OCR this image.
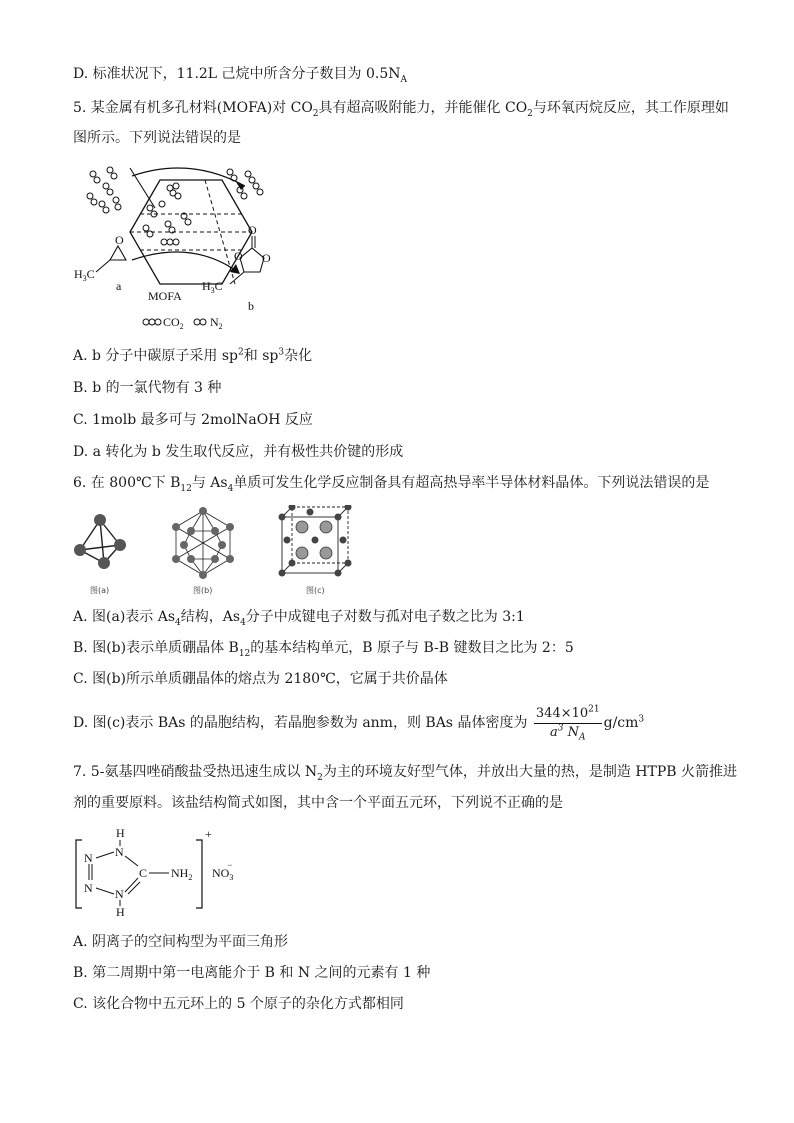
D. 标准状况下，11.2L 己烷中所含分子数目为 $0.5N_A$
5. 某金属有机多孔材料(MOFA)对 $CO_2$具有超高吸附能力，并能催化 $CO_2$与环氧丙烷反应，其工作原理如
图所示。下列说法错误的是
O
$H_3C$
a
O
O O
$H_3C$
b
MOFA
$CO_2$ $N_2$
A. b 分子中碳原子采用 $sp^2$和 $sp^3$杂化
B. b 的一氯代物有 3 种
C. 1molb 最多可与 2molNaOH 反应
D. a 转化为 b 发生取代反应，并有极性共价键的形成
6. 在 800℃下 $B_{12}$与 $As_4$单质可发生化学反应制备具有超高热导率半导体材料晶体。下列说法错误的是
图(a)	图(b)	图(c)
A. 图(a)表示 $As_4$结构，$As_4$分子中成键电子对数与孤对电子数之比为 3:1
B. 图(b)表示单质硼晶体 $B_{12}$的基本结构单元，B 原子与 B-B 键数目之比为 2：5
C. 图(b)所示单质硼晶体的熔点为 2180℃，它属于共价晶体
D. 图(c)表示 BAs 的晶胞结构，若晶胞参数为 anm，则 BAs 晶体密度为 $\frac{344\times 10^{21}}{a^3 N_A} g/cm^3$
7. 5-氨基四唑硝酸盐受热迅速生成以 $N_2$为主的环境友好型气体，并放出大量的热，是制造 HTPB 火箭推进
剂的重要原料。该盐结构简式如图，其中含一个平面五元环，下列说不正确的是
+
H
N
N
N N
H
C $NH_2$ $NO_3-$
A. 阴离子的空间构型为平面三角形
B. 第二周期中第一电离能介于 B 和 N 之间的元素有 1 种
C. 该化合物中五元环上的 5 个原子的杂化方式都相同
